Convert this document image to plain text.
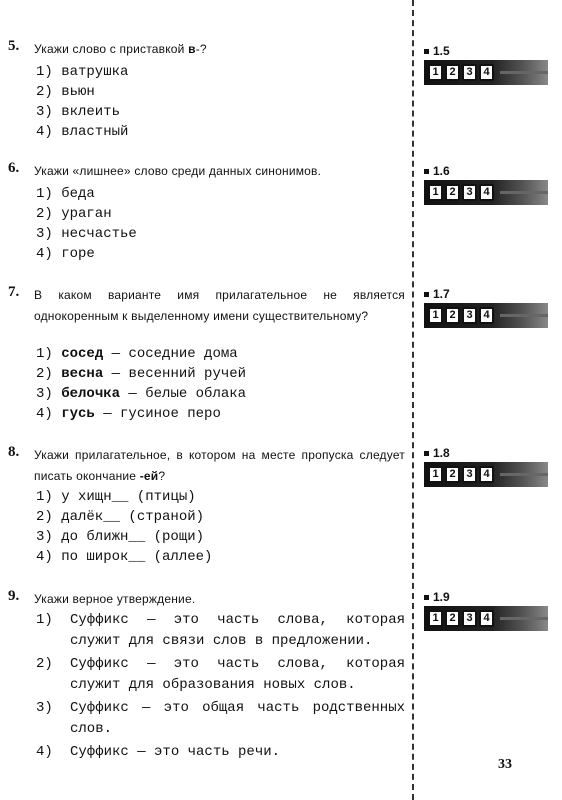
5. Укажи слово с приставкой в-?
1) ватрушка
2) вьюн
3) вклеить
4) властный
6. Укажи «лишнее» слово среди данных синонимов.
1) беда
2) ураган
3) несчастье
4) горе
7. В каком варианте имя прилагательное не является однокоренным к выделенному имени существительному?
1) сосед — соседние дома
2) весна — весенний ручей
3) белочка — белые облака
4) гусь — гусиное перо
8. Укажи прилагательное, в котором на месте пропуска следует писать окончание -ей?
1) у хищн__ (птицы)
2) далёк__ (страной)
3) до ближн__ (рощи)
4) по широк__ (аллее)
9. Укажи верное утверждение.
1)	Суффикс — это часть слова, которая служит для связи слов в предложении.
2)	Суффикс — это часть слова, которая служит для образования новых слов.
3)	Суффикс — это общая часть родственных слов.
4)	Суффикс — это часть речи.
1.5
1 2 3 4
1.6
1 2 3 4
1.7
1 2 3 4
1.8
1 2 3 4
1.9
1 2 3 4
33
